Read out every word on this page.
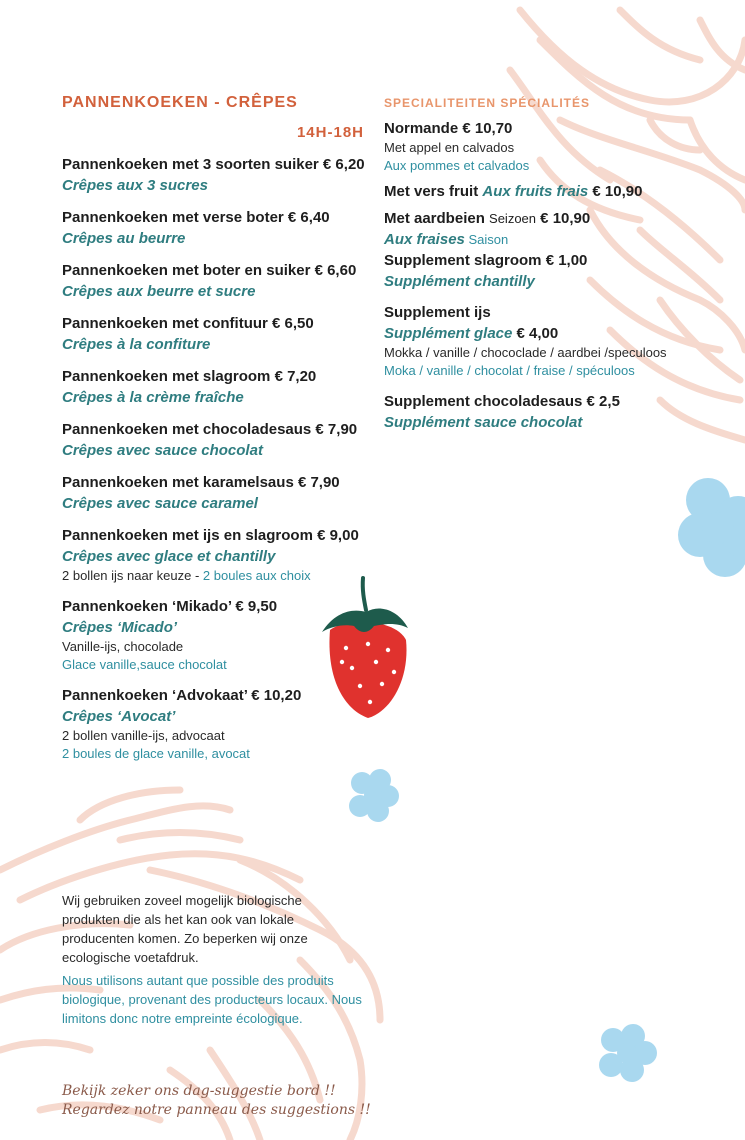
PANNENKOEKEN - CRÊPES
14H-18H
Pannenkoeken met 3 soorten suiker € 6,20
Crêpes aux 3 sucres
Pannenkoeken met verse boter € 6,40
Crêpes au beurre
Pannenkoeken met boter en suiker € 6,60
Crêpes aux beurre et sucre
Pannenkoeken met confituur € 6,50
Crêpes à la confiture
Pannenkoeken met slagroom € 7,20
Crêpes à la crème fraîche
Pannenkoeken met chocoladesaus € 7,90
Crêpes avec sauce chocolat
Pannenkoeken met karamelsaus € 7,90
Crêpes avec sauce caramel
Pannenkoeken met ijs en slagroom € 9,00
Crêpes avec glace et chantilly
2 bollen ijs naar keuze - 2 boules aux choix
Pannenkoeken ‘Mikado’ € 9,50
Crêpes ‘Micado’
Vanille-ijs, chocolade
Glace vanille,sauce chocolat
Pannenkoeken ‘Advokaat’ € 10,20
Crêpes ‘Avocat’
2 bollen vanille-ijs, advocaat
2 boules de glace vanille, avocat
SPECIALITEITEN SPÉCIALITÉS
Normande € 10,70
Met appel en calvados
Aux pommes et calvados
Met vers fruit Aux fruits frais € 10,90
Met aardbeien Seizoen € 10,90
Aux fraises Saison
Supplement slagroom € 1,00
Supplément chantilly
Supplement ijs
Supplément glace € 4,00
Mokka / vanille / chococlade / aardbei /speculoos
Moka / vanille / chocolat / fraise / spéculoos
Supplement chocoladesaus € 2,5
Supplément sauce chocolat
Wij gebruiken zoveel mogelijk biologische produkten die als het kan ook van lokale producenten komen. Zo beperken wij onze ecologische voetafdruk.
Nous utilisons autant que possible des produits biologique, provenant des producteurs locaux. Nous limitons donc notre empreinte écologique.
Bekijk zeker ons dag-suggestie bord !!
Regardez notre panneau des suggestions !!
